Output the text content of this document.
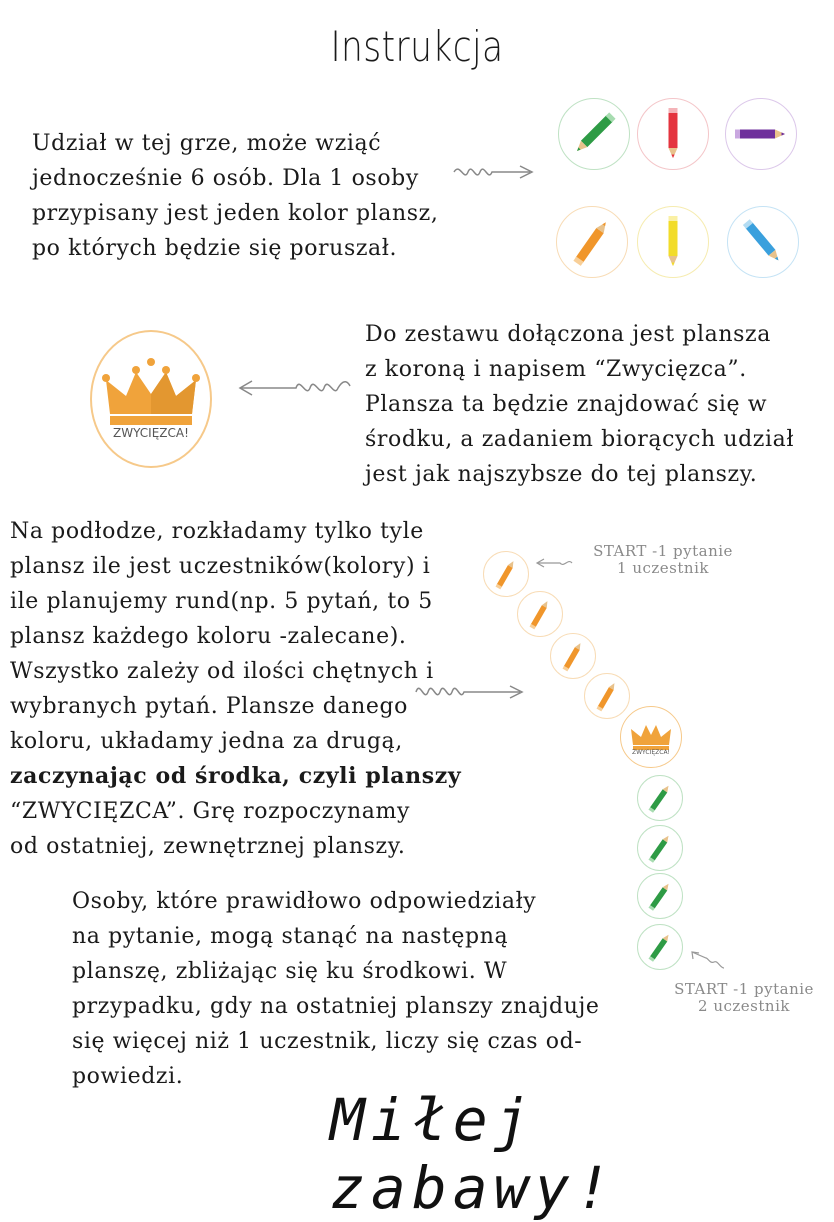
Instrukcja
Udział w tej grze, może wziąć
jednocześnie 6 osób. Dla 1 osoby
przypisany jest jeden kolor plansz,
po których będzie się poruszał.
ZWYCIĘZCA!
Do zestawu dołączona jest plansza
z koroną i napisem “Zwycięzca”.
Plansza ta będzie znajdować się w
środku, a zadaniem biorących udział
jest jak najszybsze do tej planszy.
Na podłodze, rozkładamy tylko tyle
plansz ile jest uczestników(kolory) i
ile planujemy rund(np. 5 pytań, to 5
plansz każdego koloru -zalecane).
Wszystko zależy od ilości chętnych i
wybranych pytań. Plansze danego
koloru, układamy jedna za drugą,
zaczynając od środka, czyli planszy
“ZWYCIĘZCA”. Grę rozpoczynamy
od ostatniej, zewnętrznej planszy.
START -1 pytanie
1 uczestnik
START -1 pytanie
2 uczestnik
ZWYCIĘZCA!
Osoby, które prawidłowo odpowiedziały
na pytanie, mogą stanąć na następną
planszę, zbliżając się ku środkowi. W
przypadku, gdy na ostatniej planszy znajduje
się więcej niż 1 uczestnik, liczy się czas od-
powiedzi.
Miłej zabawy!
